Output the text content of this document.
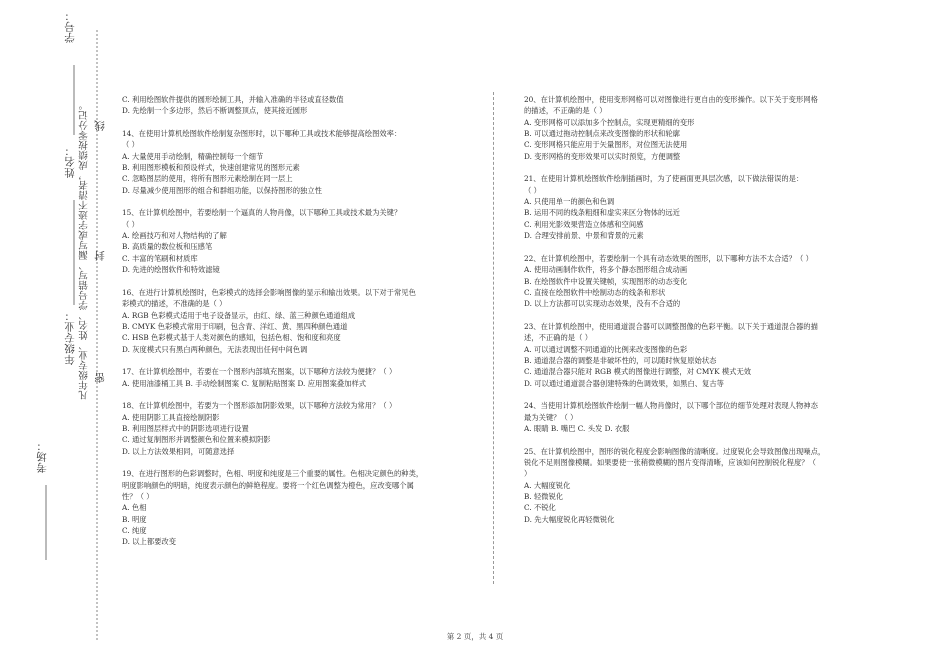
姓名：
年级专业：
考场：
学号：
凡年级专业、姓名、学号错写、漏写或字迹不清者，成绩按零分记。 线
封
密

C. 利用绘图软件提供的圆形绘制工具，并输入准确的半径或直径数值

D. 先绘制一个多边形，然后不断调整顶点，使其接近圆形

14、在使用计算机绘图软件绘制复杂图形时，以下哪种工具或技术能够提高绘图效率：

（ ）

A. 大量使用手动绘制，精确控制每一个细节

B. 利用图形模板和预设样式，快速创建常见的图形元素

C. 忽略图层的使用，将所有图形元素绘制在同一层上

D. 尽量减少使用图形的组合和群组功能，以保持图形的独立性

15、在计算机绘图中，若要绘制一个逼真的人物肖像，以下哪种工具或技术最为关键？

（ ）

A. 绘画技巧和对人物结构的了解

B. 高质量的数位板和压感笔

C. 丰富的笔刷和材质库

D. 先进的绘图软件和特效滤镜

16、在进行计算机绘图时，色彩模式的选择会影响图像的显示和输出效果。以下对于常见色

彩模式的描述，不准确的是（ ）

A. RGB 色彩模式适用于电子设备显示，由红、绿、蓝三种颜色通道组成

B. CMYK 色彩模式常用于印刷，包含青、洋红、黄、黑四种颜色通道

C. HSB 色彩模式基于人类对颜色的感知，包括色相、饱和度和亮度

D. 灰度模式只有黑白两种颜色，无法表现出任何中间色调

17、在计算机绘图中，若要在一个图形内部填充图案，以下哪种方法较为便捷？（ ）

A. 使用油漆桶工具 B. 手动绘制图案 C. 复制粘贴图案 D. 应用图案叠加样式

18、在计算机绘图中，若要为一个图形添加阴影效果，以下哪种方法较为常用？（ ）

A. 使用阴影工具直接绘制阴影

B. 利用图层样式中的阴影选项进行设置

C. 通过复制图形并调整颜色和位置来模拟阴影

D. 以上方法效果相同，可随意选择

19、在进行图形的色彩调整时，色相、明度和纯度是三个重要的属性。色相决定颜色的种类，

明度影响颜色的明暗，纯度表示颜色的鲜艳程度。要将一个红色调整为橙色，应改变哪个属

性？（ ）

A. 色相

B. 明度

C. 纯度

D. 以上都要改变

20、在计算机绘图中，使用变形网格可以对图像进行更自由的变形操作。以下关于变形网格

的描述，不正确的是（ ）

A. 变形网格可以添加多个控制点，实现更精细的变形

B. 可以通过拖动控制点来改变图像的形状和轮廓

C. 变形网格只能应用于矢量图形，对位图无法使用

D. 变形网格的变形效果可以实时预览，方便调整

21、在使用计算机绘图软件绘制插画时，为了使画面更具层次感，以下做法错误的是：

（ ）

A. 只使用单一的颜色和色调

B. 运用不同的线条粗细和虚实来区分物体的远近

C. 利用光影效果营造立体感和空间感

D. 合理安排前景、中景和背景的元素

22、在计算机绘图中，若要绘制一个具有动态效果的图形，以下哪种方法不太合适？（ ）

A. 使用动画制作软件，将多个静态图形组合成动画

B. 在绘图软件中设置关键帧，实现图形的动态变化

C. 直接在绘图软件中绘制动态的线条和形状

D. 以上方法都可以实现动态效果，没有不合适的

23、在计算机绘图中，使用通道混合器可以调整图像的色彩平衡。以下关于通道混合器的描

述，不正确的是（ ）

A. 可以通过调整不同通道的比例来改变图像的色彩

B. 通道混合器的调整是非破坏性的，可以随时恢复原始状态

C. 通道混合器只能对 RGB 模式的图像进行调整，对 CMYK 模式无效

D. 可以通过通道混合器创建特殊的色调效果，如黑白、复古等

24、当使用计算机绘图软件绘制一幅人物肖像时，以下哪个部位的细节处理对表现人物神态

最为关键？（ ）

A. 眼睛 B. 嘴巴 C. 头发 D. 衣服

25、在计算机绘图中，图形的锐化程度会影响图像的清晰度。过度锐化会导致图像出现噪点，

锐化不足则图像模糊。如果要使一张稍微模糊的图片变得清晰，应该如何控制锐化程度？（

）

A. 大幅度锐化

B. 轻微锐化

C. 不锐化

D. 先大幅度锐化再轻微锐化

第 2 页，共 4 页
